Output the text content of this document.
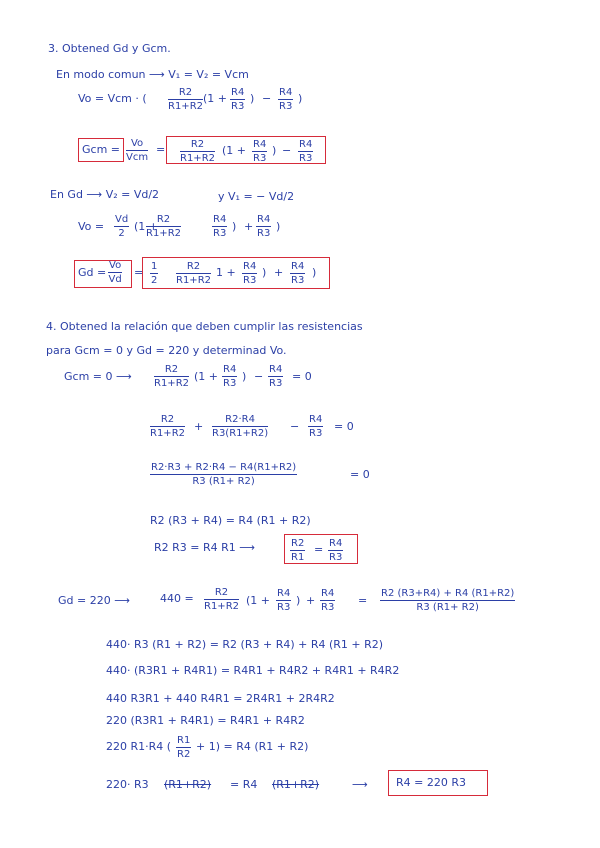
3. Obtened Gd y Gcm.
En modo comun ⟶ V₁ = V₂ = Vcm
Vo = Vcm · ( $\frac{R2}{R1+R2} (1 + \frac{R4}{R3}$ ) − $\frac{R4}{R3}$ )
Gcm =	Vo
Vcm
= $\frac{R2}{R1+R2} (1 + \frac{R4}{R3}$ ) − $\frac{R4}{R3}$
En Gd ⟶ V₂ = Vd/2	y V₁ = − Vd/2
$Vo = \frac{Vd}{2} (1$ +
$\frac{R2}{R1+R2}$	$\frac{R4}{R3}$ ) + $\frac{R4}{R3}$ )
$Gd = \frac{Vo}{Vd} = \frac{1}{2} \frac{R2}{R1+R2} 1 + \frac{R4}{R3}$ ) + $\frac{R4}{R3}$ )
4. Obtened la relación que deben cumplir las resistencias
para Gcm = 0 y Gd = 220 y determinad Vo.
Gcm = 0 ⟶ $\frac{R2}{R1+R2} (1 + \frac{R4}{R3}$ ) − $\frac{R4}{R3} = 0$
$\frac{R2}{R1+R2} + \frac{R2\cdot R4}{R3(R1+R2)} - \frac{R4}{R3} = 0$
$\frac{R2\cdot R3 + R2\cdot R4 - R4(R1+R2)}{R3 (R1+ R2)}$	= 0
R2 (R3 + R4) = R4 (R1 + R2)
R2 R3 = R4 R1 ⟶	$\frac{R2}{R1} = \frac{R4}{R3}$
Gd = 220 ⟶	$440 = \frac{R2}{R1+R2} (1 + \frac{R4}{R3}$ ) + $\frac{R4}{R3} = \frac{R2 (R3+R4) + R4 (R1+R2)}{R3 (R1+ R2)}$
440· R3 (R1 + R2) = R2 (R3 + R4) + R4 (R1 + R2)
440· (R3R1 + R4R1) = R4R1 + R4R2 + R4R1 + R4R2
440 R3R1 + 440 R4R1 = 2R4R1 + 2R4R2
220 (R3R1 + R4R1) = R4R1 + R4R2
220 R1·R4 ( $\frac{R1}{R2} + 1) = R4$ (R1 + R2)
220· R3 (R1+R2) = R4 (R1+R2)	⟶	R4 = 220 R3
